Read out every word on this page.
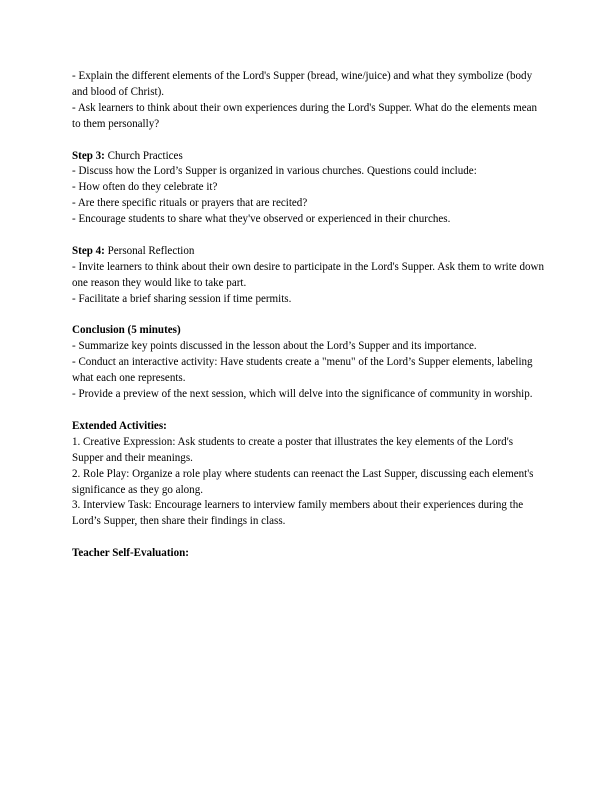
- Explain the different elements of the Lord's Supper (bread, wine/juice) and what they symbolize (body and blood of Christ).

- Ask learners to think about their own experiences during the Lord's Supper. What do the elements mean to them personally?

Step 3: Church Practices

- Discuss how the Lord’s Supper is organized in various churches. Questions could include:

- How often do they celebrate it?

- Are there specific rituals or prayers that are recited?

- Encourage students to share what they've observed or experienced in their churches.

Step 4: Personal Reflection

- Invite learners to think about their own desire to participate in the Lord's Supper. Ask them to write down one reason they would like to take part.

- Facilitate a brief sharing session if time permits.

Conclusion (5 minutes)

- Summarize key points discussed in the lesson about the Lord’s Supper and its importance.

- Conduct an interactive activity: Have students create a "menu" of the Lord’s Supper elements, labeling what each one represents.

- Provide a preview of the next session, which will delve into the significance of community in worship.

Extended Activities:

1. Creative Expression: Ask students to create a poster that illustrates the key elements of the Lord's Supper and their meanings.

2. Role Play: Organize a role play where students can reenact the Last Supper, discussing each element's significance as they go along.

3. Interview Task: Encourage learners to interview family members about their experiences during the Lord’s Supper, then share their findings in class.

Teacher Self-Evaluation:
